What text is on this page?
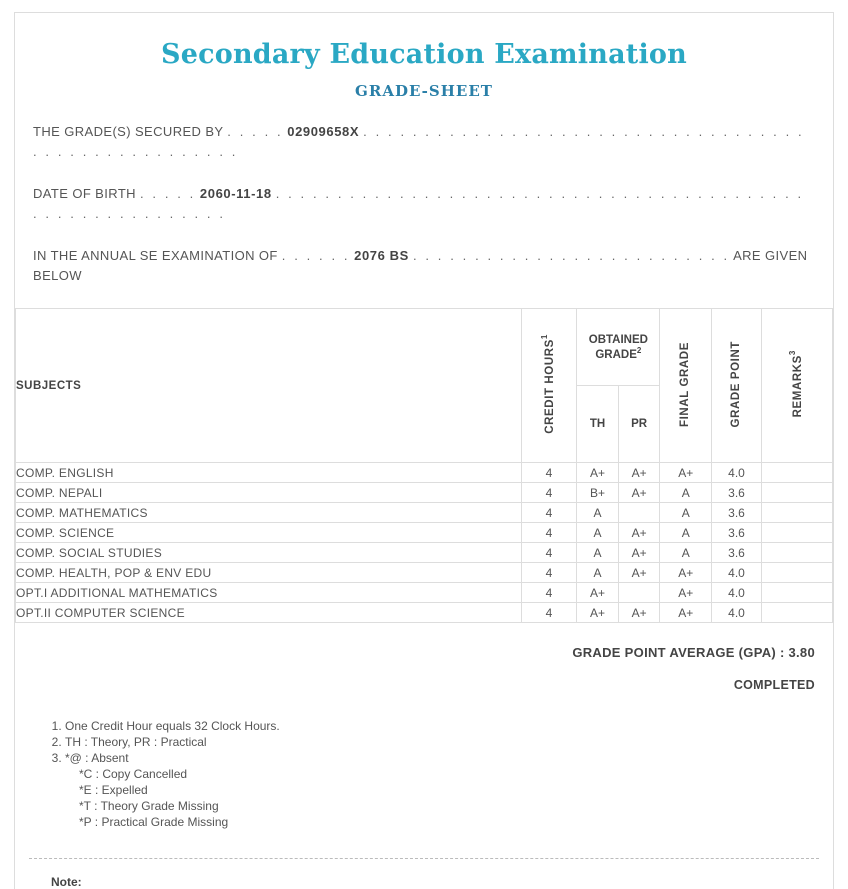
Secondary Education Examination
GRADE-SHEET
THE GRADE(S) SECURED BY . . . . . 02909658X . . . . . . . . . . . . . . . . . . . . . . . . . . . . . . . . . . . . . . . . . . . . . . . . . . . . .
DATE OF BIRTH . . . . . 2060-11-18 . . . . . . . . . . . . . . . . . . . . . . . . . . . . . . . . . . . . . . . . . . . . . . . . . . . . . . . . . . .
IN THE ANNUAL SE EXAMINATION OF . . . . . . 2076 BS . . . . . . . . . . . . . . . . . . . . . . . . . . ARE GIVEN BELOW
SUBJECTS	CREDIT HOURS$^1$	OBTAINED GRADE$^2$		FINAL GRADE	GRADE POINT	REMARKS$^3$
		TH	PR			
COMP. ENGLISH	4	A+	A+	A+	4.0	
COMP. NEPALI	4	B+	A+	A	3.6	
COMP. MATHEMATICS	4	A		A	3.6	
COMP. SCIENCE	4	A	A+	A	3.6	
COMP. SOCIAL STUDIES	4	A	A+	A	3.6	
COMP. HEALTH, POP & ENV EDU	4	A	A+	A+	4.0	
OPT.I ADDITIONAL MATHEMATICS	4	A+		A+	4.0	
OPT.II COMPUTER SCIENCE	4	A+	A+	A+	4.0	
GRADE POINT AVERAGE (GPA) : 3.80
COMPLETED
1. One Credit Hour equals 32 Clock Hours.
2. TH : Theory, PR : Practical
3. *@ : Absent
*C : Copy Cancelled
*E : Expelled
*T : Theory Grade Missing
*P : Practical Grade Missing
Note:
